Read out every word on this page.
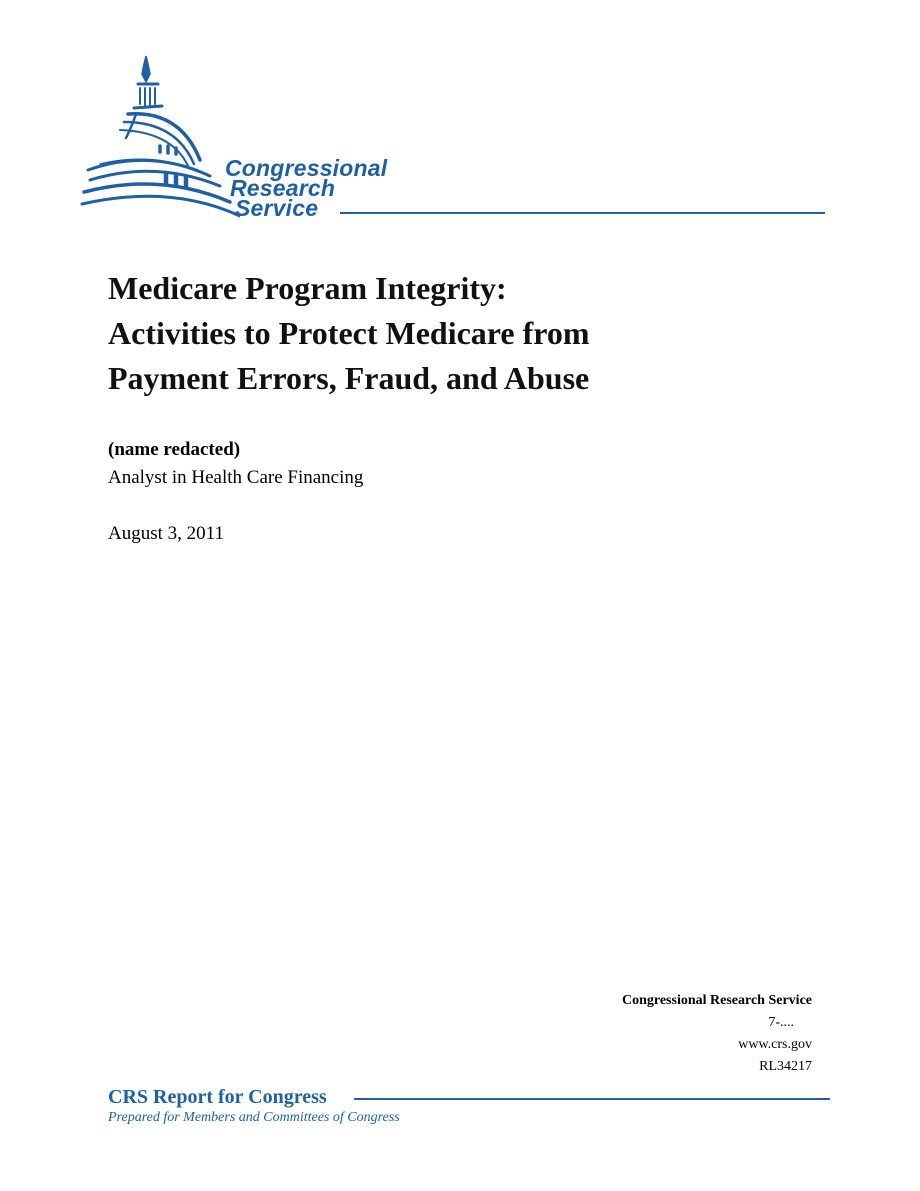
Congressional
Research
Service
Medicare Program Integrity:
Activities to Protect Medicare from
Payment Errors, Fraud, and Abuse
(name redacted)
Analyst in Health Care Financing
August 3, 2011
Congressional Research Service
7-....
www.crs.gov
RL34217
CRS Report for Congress
Prepared for Members and Committees of Congress
